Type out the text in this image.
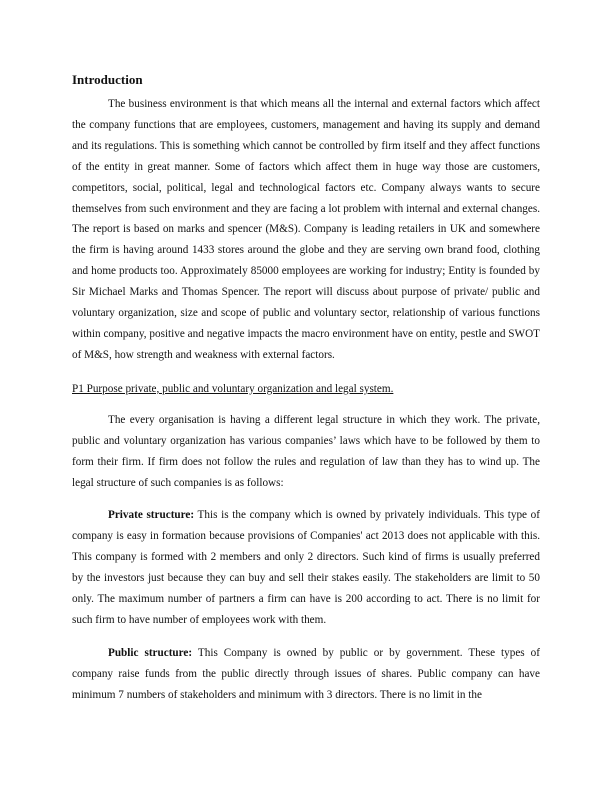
Introduction

The business environment is that which means all the internal and external factors which affect the company functions that are employees, customers, management and having its supply and demand and its regulations. This is something which cannot be controlled by firm itself and they affect functions of the entity in great manner. Some of factors which affect them in huge way those are customers, competitors, social, political, legal and technological factors etc. Company always wants to secure themselves from such environment and they are facing a lot problem with internal and external changes. The report is based on marks and spencer (M&S). Company is leading retailers in UK and somewhere the firm is having around 1433 stores around the globe and they are serving own brand food, clothing and home products too. Approximately 85000 employees are working for industry; Entity is founded by Sir Michael Marks and Thomas Spencer. The report will discuss about purpose of private/ public and voluntary organization, size and scope of public and voluntary sector, relationship of various functions within company, positive and negative impacts the macro environment have on entity, pestle and SWOT of M&S, how strength and weakness with external factors.

P1 Purpose private, public and voluntary organization and legal system.

The every organisation is having a different legal structure in which they work. The private, public and voluntary organization has various companies’ laws which have to be followed by them to form their firm. If firm does not follow the rules and regulation of law than they has to wind up. The legal structure of such companies is as follows:

Private structure: This is the company which is owned by privately individuals. This type of company is easy in formation because provisions of Companies' act 2013 does not applicable with this. This company is formed with 2 members and only 2 directors. Such kind of firms is usually preferred by the investors just because they can buy and sell their stakes easily. The stakeholders are limit to 50 only. The maximum number of partners a firm can have is 200 according to act. There is no limit for such firm to have number of employees work with them.

Public structure: This Company is owned by public or by government. These types of company raise funds from the public directly through issues of shares. Public company can have minimum 7 numbers of stakeholders and minimum with 3 directors. There is no limit in the
